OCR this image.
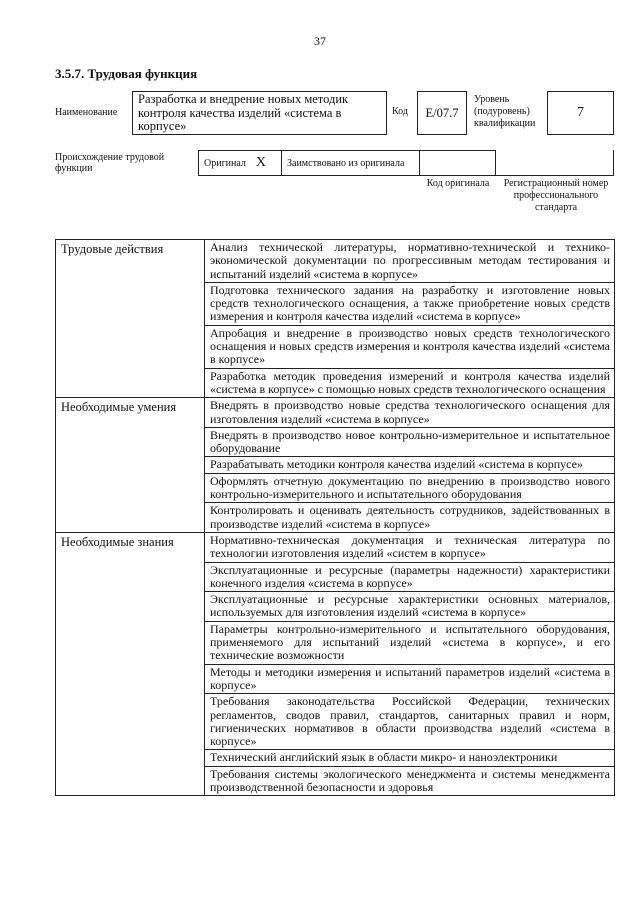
37
3.5.7. Трудовая функция
Наименование
Разработка и внедрение новых методик контроля качества изделий «система в корпусе»
Код	E/07.7
Уровень (подуровень) квалификации
7
Происхождение трудовой функции	Оригинал X	Заимствовано из оригинала
Код оригинала	Регистрационный номер профессионального стандарта
Трудовые действия	Анализ технической литературы, нормативно-технической и технико-экономической документации по прогрессивным методам тестирования и испытаний изделий «система в корпусе»
	Подготовка технического задания на разработку и изготовление новых средств технологического оснащения, а также приобретение новых средств измерения и контроля качества изделий «система в корпусе»
	Апробация и внедрение в производство новых средств технологического оснащения и новых средств измерения и контроля качества изделий «система в корпусе»
	Разработка методик проведения измерений и контроля качества изделий «система в корпусе» с помощью новых средств технологического оснащения
Необходимые умения	Внедрять в производство новые средства технологического оснащения для изготовления изделий «система в корпусе»
	Внедрять в производство новое контрольно-измерительное и испытательное оборудование
	Разрабатывать методики контроля качества изделий «система в корпусе»
	Оформлять отчетную документацию по внедрению в производство нового контрольно-измерительного и испытательного оборудования
	Контролировать и оценивать деятельность сотрудников, задействованных в производстве изделий «система в корпусе»
Необходимые знания	Нормативно-техническая документация и техническая литература по технологии изготовления изделий «систем в корпусе»
	Эксплуатационные и ресурсные (параметры надежности) характеристики конечного изделия «система в корпусе»
	Эксплуатационные и ресурсные характеристики основных материалов, используемых для изготовления изделий «система в корпусе»
	Параметры контрольно-измерительного и испытательного оборудования, применяемого для испытаний изделий «система в корпусе», и его технические возможности
	Методы и методики измерения и испытаний параметров изделий «система в корпусе»
	Требования законодательства Российской Федерации, технических регламентов, сводов правил, стандартов, санитарных правил и норм, гигиенических нормативов в области производства изделий «система в корпусе»
	Технический английский язык в области микро- и наноэлектроники
	Требования системы экологического менеджмента и системы менеджмента производственной безопасности и здоровья
